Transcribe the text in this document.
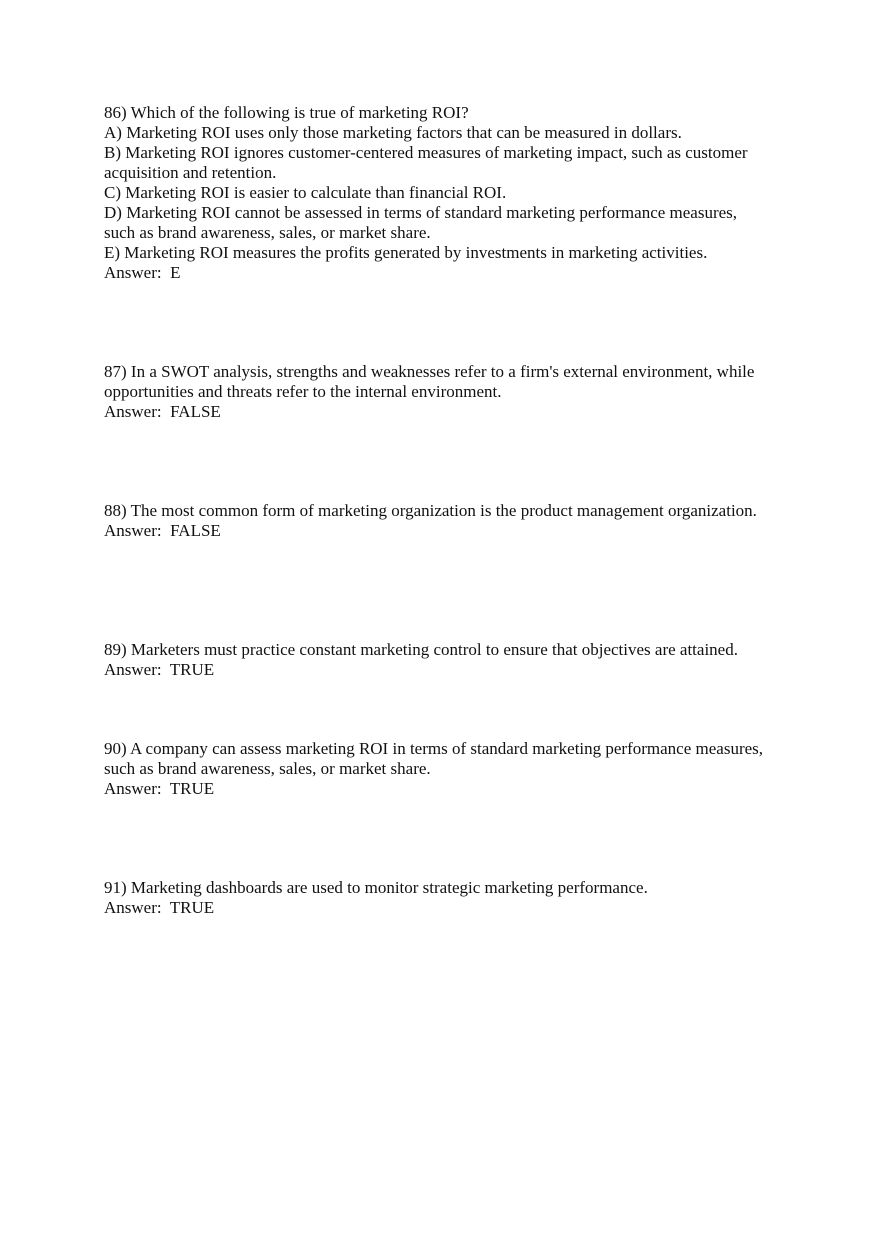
86) Which of the following is true of marketing ROI?
A) Marketing ROI uses only those marketing factors that can be measured in dollars.
B) Marketing ROI ignores customer-centered measures of marketing impact, such as customer
acquisition and retention.
C) Marketing ROI is easier to calculate than financial ROI.
D) Marketing ROI cannot be assessed in terms of standard marketing performance measures,
such as brand awareness, sales, or market share.
E) Marketing ROI measures the profits generated by investments in marketing activities.
Answer:  E
87) In a SWOT analysis, strengths and weaknesses refer to a firm's external environment, while
opportunities and threats refer to the internal environment.
Answer:  FALSE
88) The most common form of marketing organization is the product management organization.
Answer:  FALSE
89) Marketers must practice constant marketing control to ensure that objectives are attained.
Answer:  TRUE
90) A company can assess marketing ROI in terms of standard marketing performance measures,
such as brand awareness, sales, or market share.
Answer:  TRUE
91) Marketing dashboards are used to monitor strategic marketing performance.
Answer:  TRUE
